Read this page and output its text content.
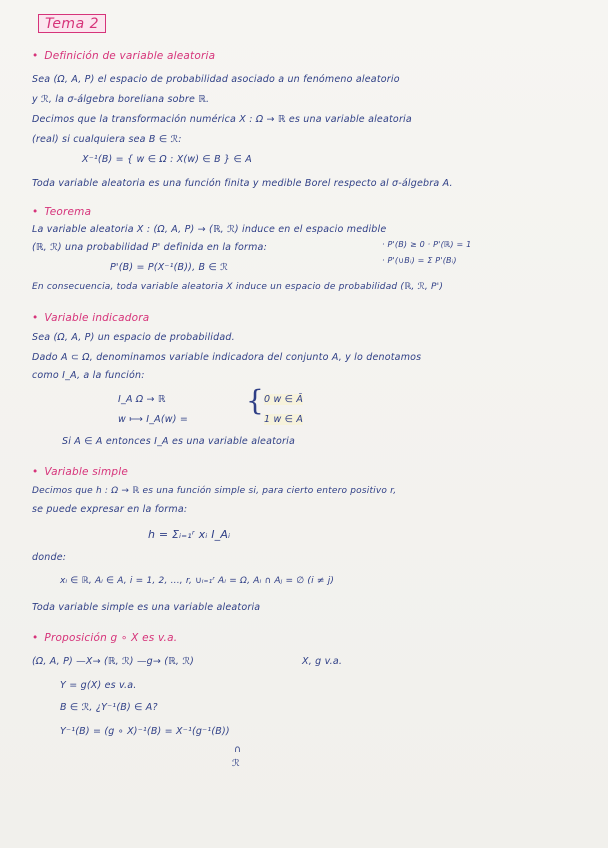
Tema 2
• Definición de variable aleatoria
Sea (Ω, A, P) el espacio de probabilidad asociado a un fenómeno aleatorio
y ℛ, la σ-álgebra boreliana sobre ℝ.
Decimos que la transformación numérica X : Ω → ℝ es una variable aleatoria
(real) si cualquiera sea B ∈ ℛ:
X⁻¹(B) = { w ∈ Ω : X(w) ∈ B } ∈ A
Toda variable aleatoria es una función finita y medible Borel respecto al σ-álgebra A.
• Teorema
La variable aleatoria X : (Ω, A, P) → (ℝ, ℛ) induce en el espacio medible
(ℝ, ℛ) una probabilidad P' definida en la forma:	· P'(B) ≥ 0 · P'(ℝ) = 1
· P'(∪Bᵢ) = Σ P'(Bᵢ)
P'(B) = P(X⁻¹(B)), B ∈ ℛ
En consecuencia, toda variable aleatoria X induce un espacio de probabilidad (ℝ, ℛ, P')
• Variable indicadora
Sea (Ω, A, P) un espacio de probabilidad.
Dado A ⊂ Ω, denominamos variable indicadora del conjunto A, y lo denotamos
como I_A, a la función:
I_A Ω → ℝ
w ⟼ I_A(w) =
{ 0 w ∈ Ā
1 w ∈ A
Si A ∈ A entonces I_A es una variable aleatoria
• Variable simple
Decimos que h : Ω → ℝ es una función simple si, para cierto entero positivo r,
se puede expresar en la forma:
h = Σᵢ₌₁ʳ xᵢ I_Aᵢ
donde:
xᵢ ∈ ℝ, Aᵢ ∈ A, i = 1, 2, ..., r, ∪ᵢ₌₁ʳ Aᵢ = Ω, Aᵢ ∩ Aⱼ = ∅ (i ≠ j)
Toda variable simple es una variable aleatoria
• Proposición g ∘ X es v.a.
(Ω, A, P) —X→ (ℝ, ℛ) —g→ (ℝ, ℛ)	X, g v.a.
Y = g(X) es v.a.
B ∈ ℛ, ¿Y⁻¹(B) ∈ A?
Y⁻¹(B) = (g ∘ X)⁻¹(B) = X⁻¹(g⁻¹(B))
∩
ℛ
